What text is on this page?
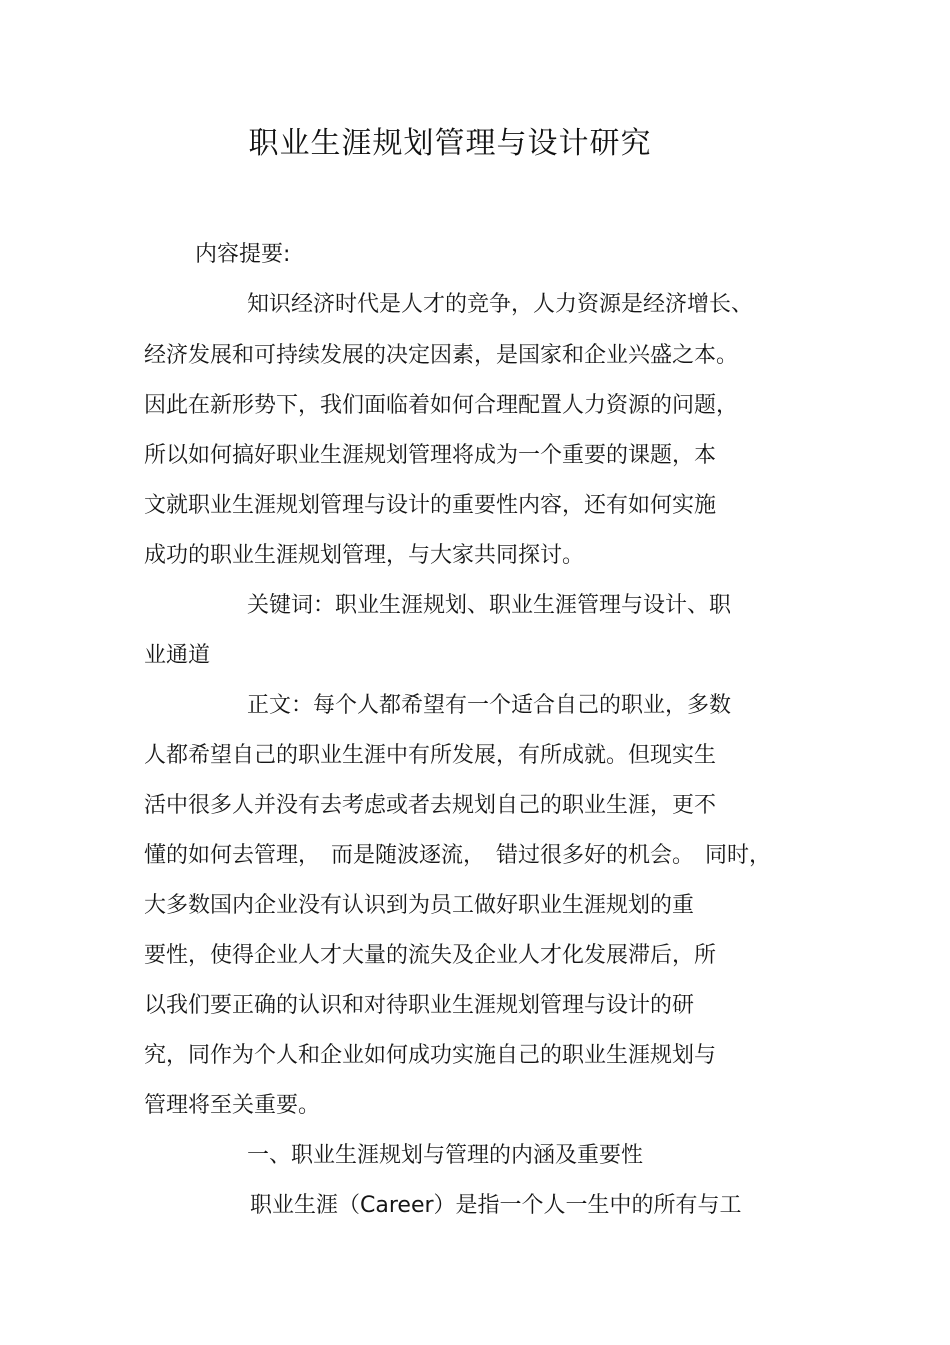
职业生涯规划管理与设计研究
内容提要:
知识经济时代是人才的竞争，人力资源是经济增长、
经济发展和可持续发展的决定因素，是国家和企业兴盛之本。
因此在新形势下，我们面临着如何合理配置人力资源的问题，
所以如何搞好职业生涯规划管理将成为一个重要的课题，本
文就职业生涯规划管理与设计的重要性内容，还有如何实施
成功的职业生涯规划管理，与大家共同探讨。
关键词：职业生涯规划、职业生涯管理与设计、职
业通道
正文：每个人都希望有一个适合自己的职业，多数
人都希望自己的职业生涯中有所发展，有所成就。但现实生
活中很多人并没有去考虑或者去规划自己的职业生涯，更不
懂的如何去管理，　而是随波逐流，　错过很多好的机会。　同时，
大多数国内企业没有认识到为员工做好职业生涯规划的重
要性，使得企业人才大量的流失及企业人才化发展滞后，所
以我们要正确的认识和对待职业生涯规划管理与设计的研
究，同作为个人和企业如何成功实施自己的职业生涯规划与
管理将至关重要。
一、职业生涯规划与管理的内涵及重要性
职业生涯（Career）是指一个人一生中的所有与工
